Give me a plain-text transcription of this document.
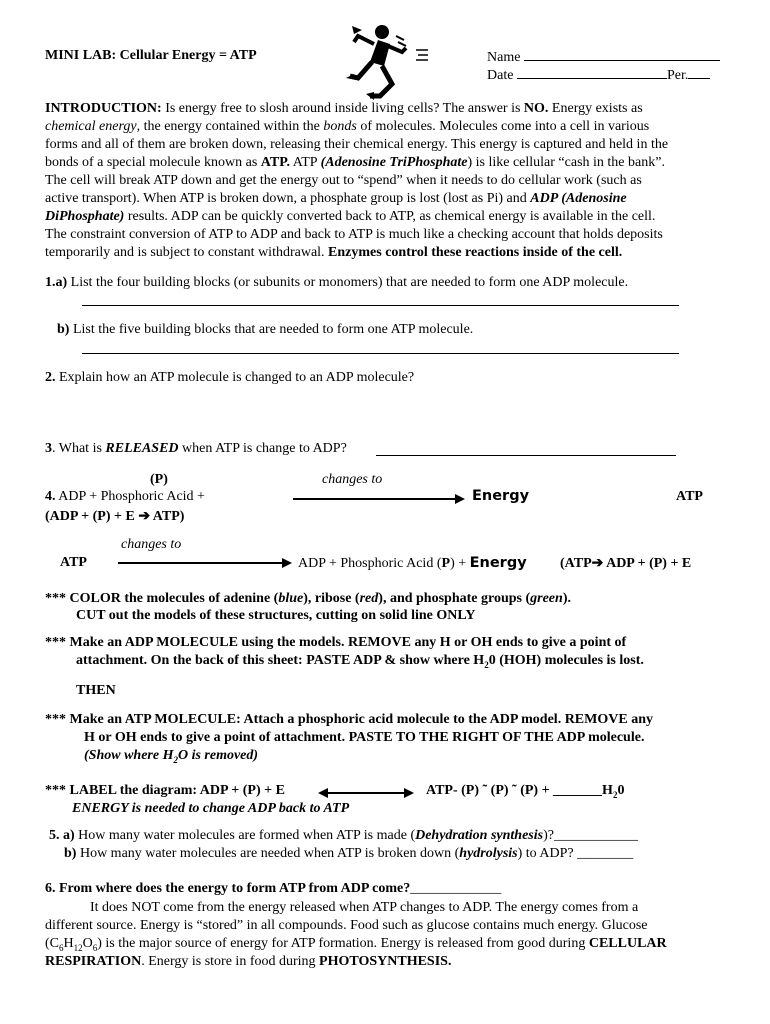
MINI LAB: Cellular Energy = ATP	Name
Date	Per.
INTRODUCTION: Is energy free to slosh around inside living cells? The answer is NO. Energy exists as
chemical energy, the energy contained within the bonds of molecules. Molecules come into a cell in various
forms and all of them are broken down, releasing their chemical energy. This energy is captured and held in the
bonds of a special molecule known as ATP. ATP (Adenosine TriPhosphate) is like cellular “cash in the bank”.
The cell will break ATP down and get the energy out to “spend” when it needs to do cellular work (such as
active transport). When ATP is broken down, a phosphate group is lost (lost as Pi) and ADP (Adenosine
DiPhosphate) results. ADP can be quickly converted back to ATP, as chemical energy is available in the cell.
The constraint conversion of ATP to ADP and back to ATP is much like a checking account that holds deposits
temporarily and is subject to constant withdrawal. Enzymes control these reactions inside of the cell.
1.a) List the four building blocks (or subunits or monomers) that are needed to form one ADP molecule.
b) List the five building blocks that are needed to form one ATP molecule.
2. Explain how an ATP molecule is changed to an ADP molecule?
3. What is RELEASED when ATP is change to ADP?
(P)	changes to
4. ADP + Phosphoric Acid +	Energy	ATP
(ADP + (P) + E ➔ ATP)
changes to
ATP	ADP + Phosphoric Acid (P) + Energy (ATP➔ ADP + (P) + E
*** COLOR the molecules of adenine (blue), ribose (red), and phosphate groups (green).
CUT out the models of these structures, cutting on solid line ONLY
*** Make an ADP MOLECULE using the models. REMOVE any H or OH ends to give a point of
attachment. On the back of this sheet: PASTE ADP & show where $H_20$ (HOH) molecules is lost.
THEN
*** Make an ATP MOLECULE: Attach a phosphoric acid molecule to the ADP model. REMOVE any
H or OH ends to give a point of attachment. PASTE TO THE RIGHT OF THE ADP molecule.
(Show where $H_2O$ is removed)
*** LABEL the diagram: ADP + (P) + E	ATP- (P) ˜ (P) ˜ $(P) + \_\_\_\_\_\_\_H_20$
ENERGY is needed to change ADP back to ATP
5. a) How many water molecules are formed when ATP is made (Dehydration synthesis)?____________
b) How many water molecules are needed when ATP is broken down (hydrolysis) to ADP? ________
6. From where does the energy to form ATP from ADP come?_____________
It does NOT come from the energy released when ATP changes to ADP. The energy comes from a
different source. Energy is “stored” in all compounds. Food such as glucose contains much energy. Glucose
$(C_6H_{12}O_6)$ is the major source of energy for ATP formation. Energy is released from good during CELLULAR
RESPIRATION. Energy is store in food during PHOTOSYNTHESIS.
